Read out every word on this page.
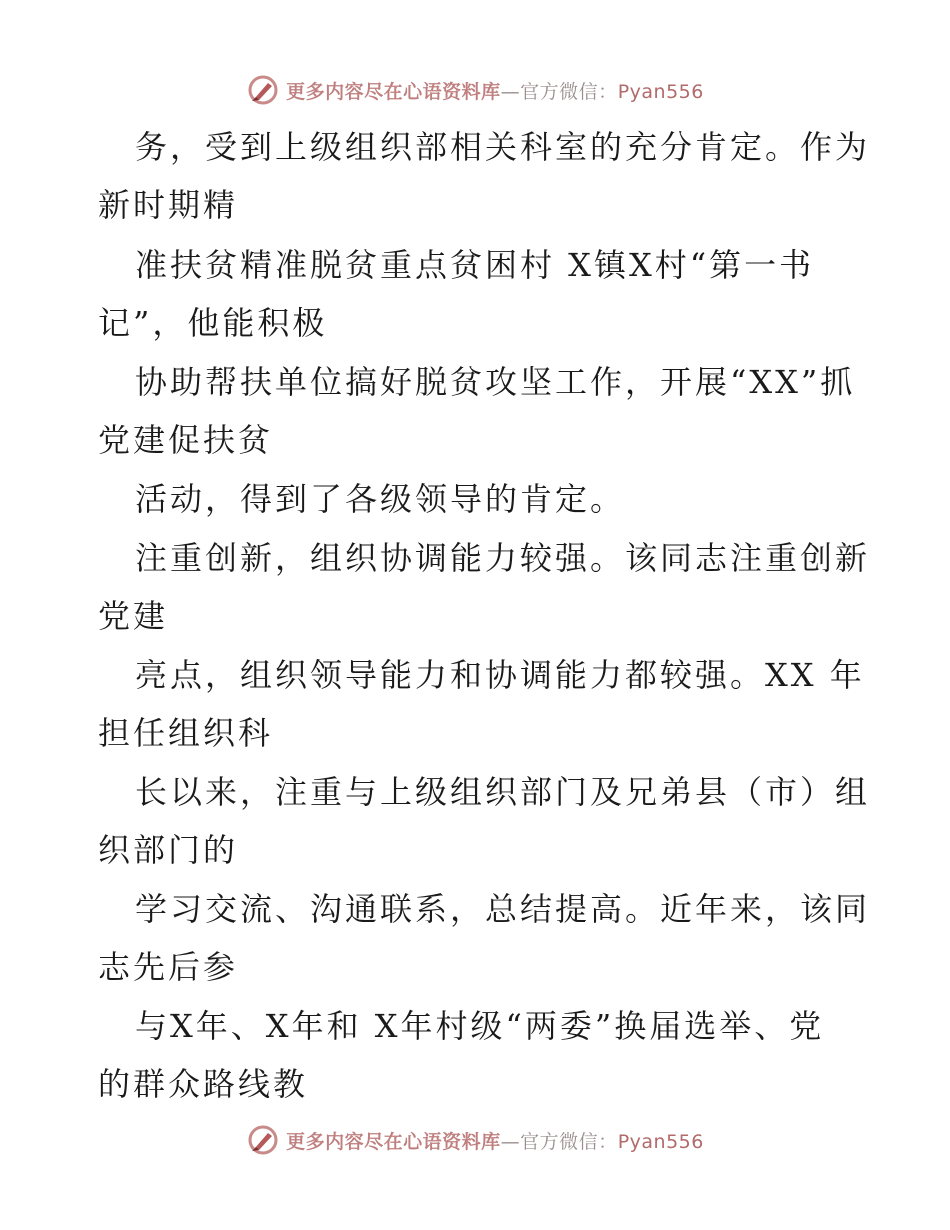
更多内容尽在心语资料库—官方微信：Pyan556
务，受到上级组织部相关科室的充分肯定。作为
新时期精
准扶贫精准脱贫重点贫困村 X镇X村“第一书
记”，他能积极
协助帮扶单位搞好脱贫攻坚工作，开展“XX”抓
党建促扶贫
活动，得到了各级领导的肯定。
注重创新，组织协调能力较强。该同志注重创新
党建
亮点，组织领导能力和协调能力都较强。XX 年
担任组织科
长以来，注重与上级组织部门及兄弟县（市）组
织部门的
学习交流、沟通联系，总结提高。近年来，该同
志先后参
与X年、X年和 X年村级“两委”换届选举、党
的群众路线教
更多内容尽在心语资料库—官方微信：Pyan556
